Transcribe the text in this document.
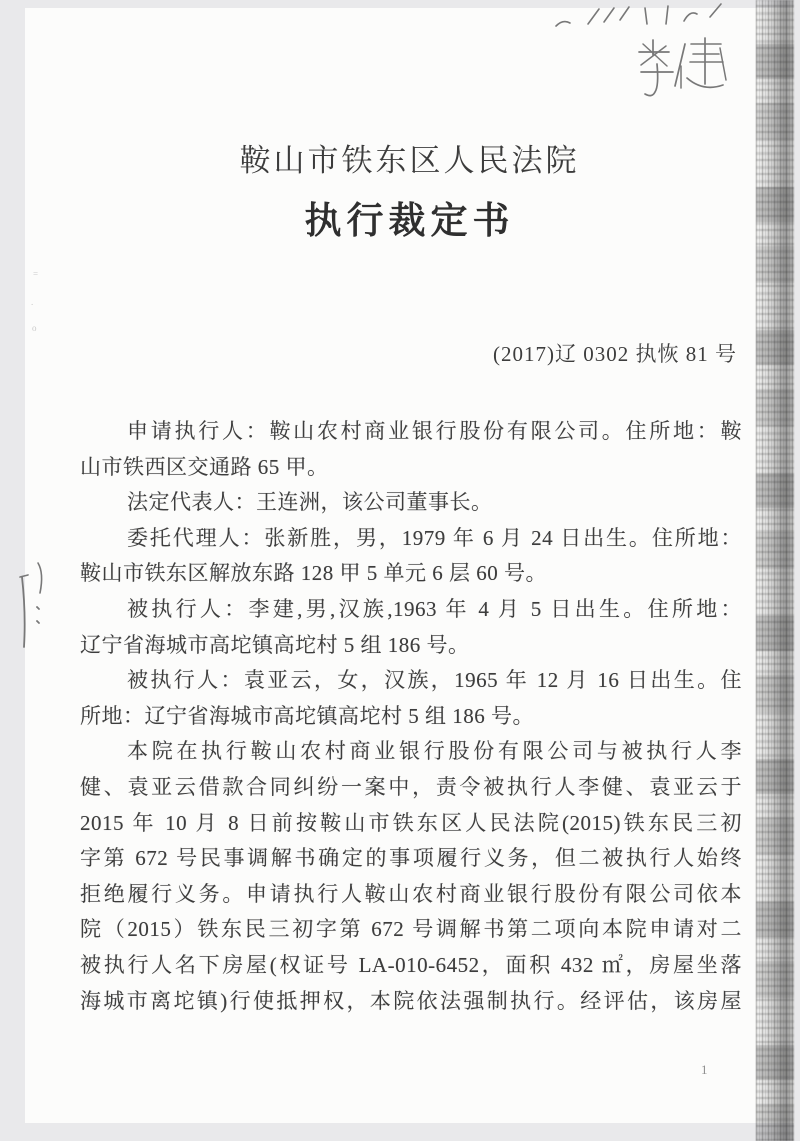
鞍山市铁东区人民法院
执行裁定书
(2017)辽 0302 执恢 81 号
申请执行人：鞍山农村商业银行股份有限公司。住所地：鞍
山市铁西区交通路 65 甲。
法定代表人：王连洲，该公司董事长。
委托代理人：张新胜，男，1979 年 6 月 24 日出生。住所地：
鞍山市铁东区解放东路 128 甲 5 单元 6 层 60 号。
被执行人：李建,男,汉族,1963 年 4 月 5 日出生。住所地：
辽宁省海城市高坨镇高坨村 5 组 186 号。
被执行人：袁亚云，女，汉族，1965 年 12 月 16 日出生。住
所地：辽宁省海城市高坨镇高坨村 5 组 186 号。
本院在执行鞍山农村商业银行股份有限公司与被执行人李
健、袁亚云借款合同纠纷一案中，责令被执行人李健、袁亚云于
2015 年 10 月 8 日前按鞍山市铁东区人民法院(2015)铁东民三初
字第 672 号民事调解书确定的事项履行义务，但二被执行人始终
拒绝履行义务。申请执行人鞍山农村商业银行股份有限公司依本
院（2015）铁东民三初字第 672 号调解书第二项向本院申请对二
被执行人名下房屋(权证号 LA-010-6452，面积 432 ㎡，房屋坐落
海城市离坨镇)行使抵押权，本院依法强制执行。经评估，该房屋
1
=
.
o
